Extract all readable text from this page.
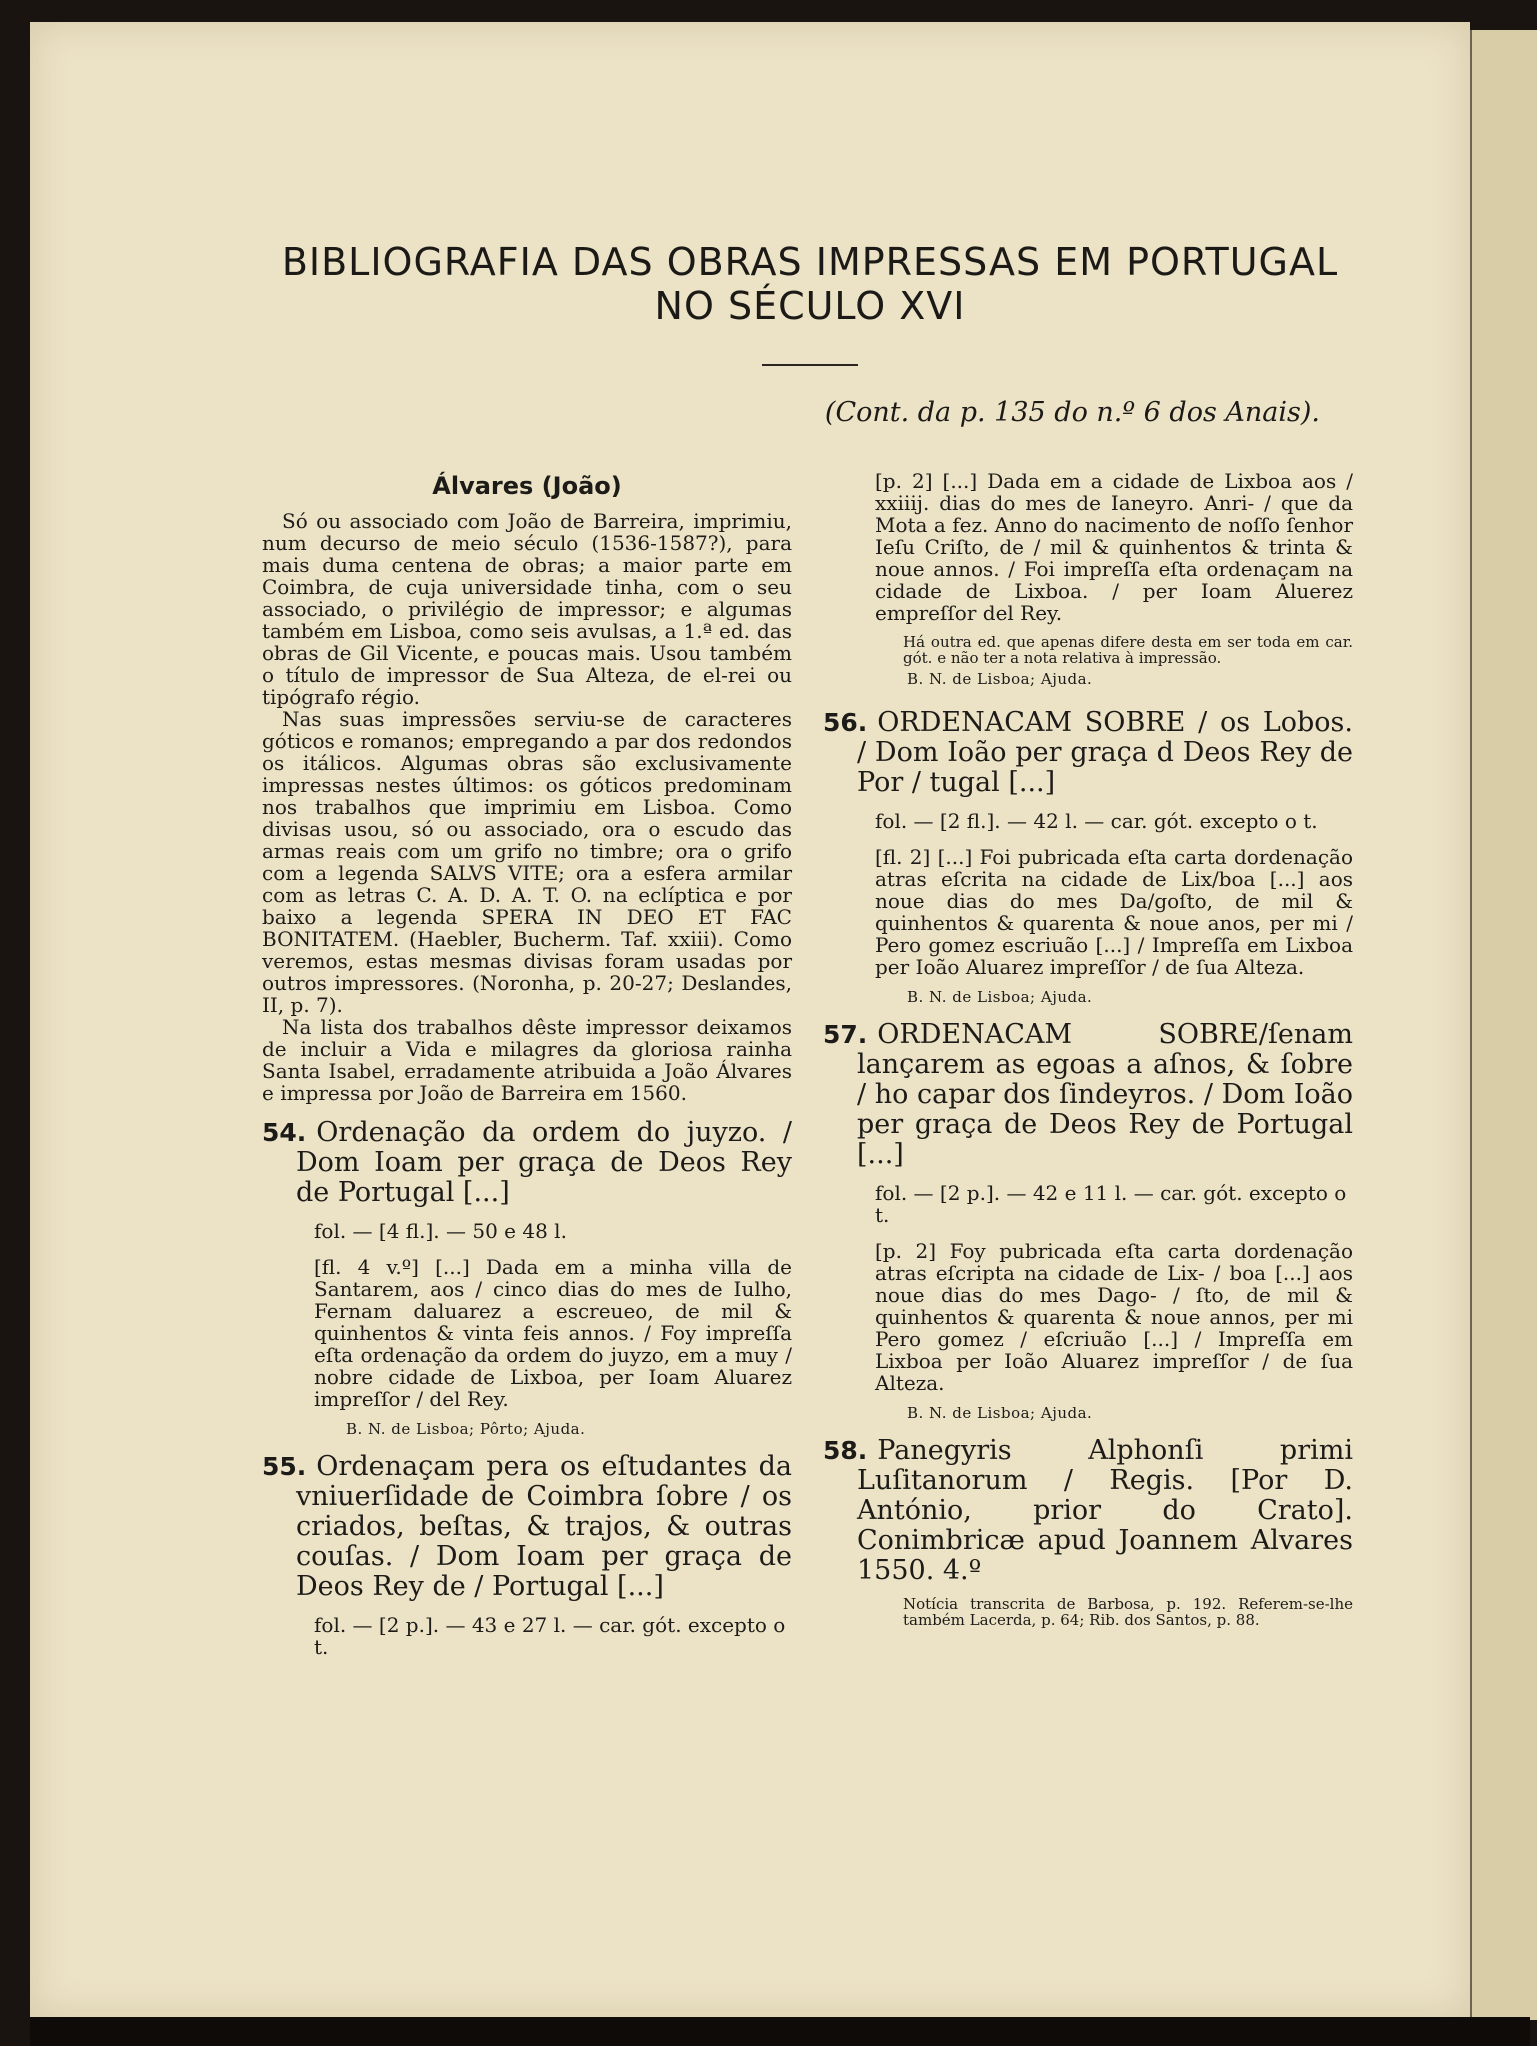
BIBLIOGRAFIA DAS OBRAS IMPRESSAS EM PORTUGAL
NO SÉCULO XVI
(Cont. da p. 135 do n.º 6 dos Anais).
Álvares (João)

Só ou associado com João de Barreira, imprimiu, num decurso de meio século (1536-1587?), para mais duma centena de obras; a maior parte em Coimbra, de cuja universidade tinha, com o seu associado, o privilégio de impressor; e algumas também em Lisboa, como seis avulsas, a 1.ª ed. das obras de Gil Vicente, e poucas mais. Usou também o título de impressor de Sua Alteza, de el-rei ou tipógrafo régio.

Nas suas impressões serviu-se de caracteres góticos e romanos; empregando a par dos redondos os itálicos. Algumas obras são exclusivamente impressas nestes últimos: os góticos predominam nos trabalhos que imprimiu em Lisboa. Como divisas usou, só ou associado, ora o escudo das armas reais com um grifo no timbre; ora o grifo com a legenda SALVS VITE; ora a esfera armilar com as letras C. A. D. A. T. O. na eclíptica e por baixo a legenda SPERA IN DEO ET FAC BONITATEM. (Haebler, Bucherm. Taf. xxiii). Como veremos, estas mesmas divisas foram usadas por outros impressores. (Noronha, p. 20-27; Deslandes, II, p. 7).

Na lista dos trabalhos dêste impressor deixamos de incluir a Vida e milagres da gloriosa rainha Santa Isabel, erradamente atribuida a João Álvares e impressa por João de Barreira em 1560.

54. Ordenação da ordem do juyzo. / Dom Ioam per graça de Deos Rey de Portugal [...]
fol. — [4 fl.]. — 50 e 48 l.
[fl. 4 v.º] [...] Dada em a minha villa de Santarem, aos / cinco dias do mes de Iulho, Fernam daluarez a escreueo, de mil & quinhentos & vinta feis annos. / Foy impreſſa eſta ordenação da ordem do juyzo, em a muy / nobre cidade de Lixboa, per Ioam Aluarez impreſſor / del Rey.
B. N. de Lisboa; Pôrto; Ajuda.
55. Ordenaçam pera os eſtudantes da vniuerſidade de Coimbra ſobre / os criados, beſtas, & trajos, & outras couſas. / Dom Ioam per graça de Deos Rey de / Portugal [...]
fol. — [2 p.]. — 43 e 27 l. — car. gót. excepto o t.
[p. 2] [...] Dada em a cidade de Lixboa aos / xxiiij. dias do mes de Ianeyro. Anri- / que da Mota a fez. Anno do nacimento de noſſo ſenhor Ieſu Criſto, de / mil & quinhentos & trinta & noue annos. / Foi impreſſa eſta ordenaçam na cidade de Lixboa. / per Ioam Aluerez empreſſor del Rey.
Há outra ed. que apenas difere desta em ser toda em car. gót. e não ter a nota relativa à impressão.
B. N. de Lisboa; Ajuda.
56. ORDENACAM SOBRE / os Lobos. / Dom Ioão per graça d Deos Rey de Por / tugal [...]
fol. — [2 fl.]. — 42 l. — car. gót. excepto o t.
[fl. 2] [...] Foi pubricada eſta carta dordenação atras eſcrita na cidade de Lix/boa [...] aos noue dias do mes Da/goſto, de mil & quinhentos & quarenta & noue anos, per mi / Pero gomez escriuão [...] / Impreſſa em Lixboa per Ioão Aluarez impreſſor / de ſua Alteza.
B. N. de Lisboa; Ajuda.
57. ORDENACAM SOBRE/ſenam lançarem as egoas a aſnos, & ſobre / ho capar dos ſindeyros. / Dom Ioão per graça de Deos Rey de Portugal [...]
fol. — [2 p.]. — 42 e 11 l. — car. gót. excepto o t.
[p. 2] Foy pubricada eſta carta dordenação atras eſcripta na cidade de Lix- / boa [...] aos noue dias do mes Dago- / ſto, de mil & quinhentos & quarenta & noue annos, per mi Pero gomez / eſcriuão [...] / Impreſſa em Lixboa per Ioão Aluarez impreſſor / de ſua Alteza.
B. N. de Lisboa; Ajuda.
58. Panegyris Alphonſi primi Luſitanorum / Regis. [Por D. António, prior do Crato]. Conimbricæ apud Joannem Alvares 1550. 4.º
Notícia transcrita de Barbosa, p. 192. Referem-se-lhe também Lacerda, p. 64; Rib. dos Santos, p. 88.
